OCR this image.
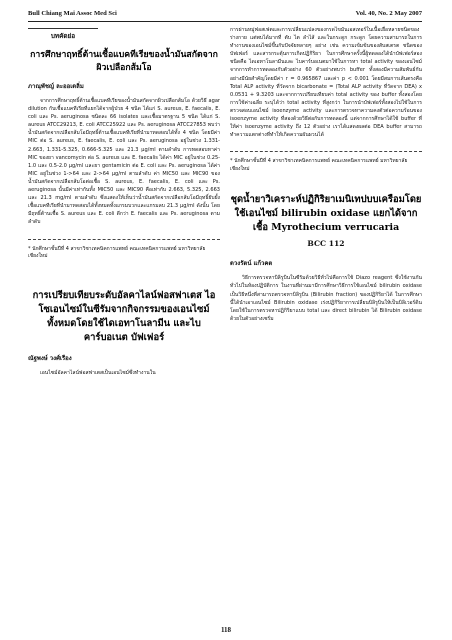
Bull Chiang Mai Assoc Med Sci	Vol. 40, No. 2 May 2007
บทคัดย่อ
การศึกษาฤทธิ์ต้านเชื้อแบคทีเรียของน้ำมันสกัดจากผิวเปลือกส้มโอ
ภาณุพัชญ์ ละออเดลิ่ม

จากการศึกษาฤทธิ์ต้านเชื้อแบคทีเรียของน้ำมันสกัดจากผิวเปลือกส้มโอ ด้วยวิธี agar dilution กับเชื้อแบคทีเรียที่แยกได้จากผู้ป่วย 4 ชนิด ได้แก่ S. aureus, E. faecalis, E. coli และ Ps. aeruginosa ชนิดละ 66 isolates และเชื้อมาตรฐาน 5 ชนิด ได้แก่ S. aureus ATCC29213, E. coli ATCC25922 และ Ps. aeruginosa ATCC27853 พบว่าน้ำมันสกัดจากเปลือกส้มโอมีฤทธิ์ต้านเชื้อแบคทีเรียที่นำมาทดสอบได้ทั้ง 4 ชนิด โดยมีค่า MIC ต่อ S. aureus, E. faecalis, E. coli และ Ps. aeruginosa อยู่ในช่วง 1.331-2.663, 1.331-5.325, 0.666-5.325 และ 21.3 µg/ml ตามลำดับ การทดสอบหาค่า MIC ของยา vancomycin ต่อ S. aureus และ E. faecalis ได้ค่า MIC อยู่ในช่วง 0.25-1.0 และ 0.5-2.0 µg/ml และยา gentamicin ต่อ E. coli และ Ps. aeruginosa ได้ค่า MIC อยู่ในช่วง 1->64 และ 2->64 µg/ml ตามลำดับ ค่า MIC50 และ MIC90 ของน้ำมันสกัดจากเปลือกส้มโอต่อเชื้อ S. aureus, E. faecalis, E. coli และ Ps. aeruginosa นั้นมีค่าเท่ากันทั้ง MIC50 และ MIC90 คือเท่ากับ 2.663, 5.325, 2.663 และ 21.3 mg/ml ตามลำดับ ซึ่งแสดงให้เห็นว่าน้ำมันสกัดจากเปลือกส้มโอมีฤทธิ์ยับยั้งเชื้อแบคทีเรียที่นำมาทดสอบได้ทั้งหมดทั้งแกรมบวกและแกรมลบ 21.3 µg/ml ดังนั้น โดยมีฤทธิ์ต้านเชื้อ S. aureus และ E. coli ดีกว่า E. faecalis และ Ps. aeruginosa ตามลำดับ

* นักศึกษาชั้นปีที่ 4 สาขาวิชาเทคนิคการแพทย์ คณะเทคนิคการแพทย์ มหาวิทยาลัยเชียงใหม่
การเปรียบเทียบระดับอัลคาไลน์ฟอสฟาเตส ไอโซเอนไซม์ในซีรัมจากกิจกรรมของเอนไซม์ทั้งหมดโดยใช้ไดเอทาโนลามีน และไบคาร์บอเนต บัฟเฟอร์
ณัฐพงษ์ วงศ์เรือง

เอนไซม์อัลคาไลน์ฟอสฟาเตสเป็นเอนไซม์ซึ่งทำงานใน

การผ่านหมู่ฟอสเฟตและการเปลี่ยนแปลงของกรดไขมันเอสเทอร์ในเนื้อเยื่อหลายชนิดของร่างกาย แต่พบได้มากที่ ตับ ไต ลำไส้ และในกระดูก กระดูก โดยความสามารถในการทำงานของเอนไซม์ขึ้นกับปัจจัยหลายๆ อย่าง เช่น ความเข้มข้นของสับสเตรต ชนิดของบัฟเฟอร์ และสารกระตุ้นการเกิดปฏิกิริยา ในการศึกษาครั้งนี้ผู้ทดลองได้นำบัฟเฟอร์สองชนิดคือ ไดเอทาโนลามีนและ ไบคาร์บอเนตมาใช้ในการหา total activity ของเอนไซม์ จากการทำการทดลองกับตัวอย่าง 60 ตัวอย่างพบว่า buffer ทั้งสองมีความสัมพันธ์กันอย่างมีนัยสำคัญโดยมีค่า r = 0.965867 และค่า p < 0.001 โดยมีสมการเส้นตรงคือ Total ALP activity ที่วัดจาก bicarbonate = (Total ALP activity ที่วัดจาก DEA) x 0.0531 + 9.3203 และจากการเปรียบเทียบค่า total activity ของ buffer ทั้งสองโดยการใช้ค่าเฉลี่ย ระบุได้ว่า total activity ที่สูงกว่า ในการนำบัฟเฟอร์ทั้งสองไปใช้ในการตรวจสอบเอนไซม์ isoenzyme activity และการตรวจหาความคงตัวต่อความร้อนของ isoenzyme activity ที่สองด้วยวิธีต่อกับการทดลองนี้ แต่จากการศึกษาได้ใช้ buffer ที่ให้ค่า isoenzyme activity ถึง 12 ตัวอย่าง เราได้แสดงผลต่อ DEA buffer สามารถทำความแตกต่างที่ทำให้เกิดความผันผวนได้

* นักศึกษาชั้นปีที่ 4 สาขาวิชาเทคนิคการแพทย์ คณะเทคนิคการแพทย์ มหาวิทยาลัยเชียงใหม่
ชุดน้ำยาวิเคราะห์ปฏิกิริยาเมนิเทปบบเครือมโดยใช้เอนไซม์ bilirubin oxidase แยกได้จากเชื้อ Myrothecium verrucaria
BCC 112
ดวงรัตน์ แก้วคต

วิธีการตรวจหาบิลิรูบินในซีรัมด้วยวิธีทั่วไปคือการใช้ Diazo reagent ซึ่งใช้งานกันทั่วไปในห้องปฏิบัติการ ในงานที่ผ่านมามีการศึกษาวิธีการใช้เอนไซม์ bilirubin oxidase เป็นวิธีหนึ่งที่สามารถตรวจหาบิลิรูบิน (Bilirubin fraction) ของปฏิกิริยาได้ ในการศึกษานี้ได้นำเอาเอนไซม์ Bilirubin oxidase เร่งปฏิกิริยาการเปลี่ยนบิลิรูบินให้เป็นบิลิเวอร์ดิน โดยใช้ในการตรวจหาปฏิกิริยาแบบ total และ direct bilirubin ได้ Bilirubin oxidase ด้วยในตัวอย่างเซรั่ม

118
